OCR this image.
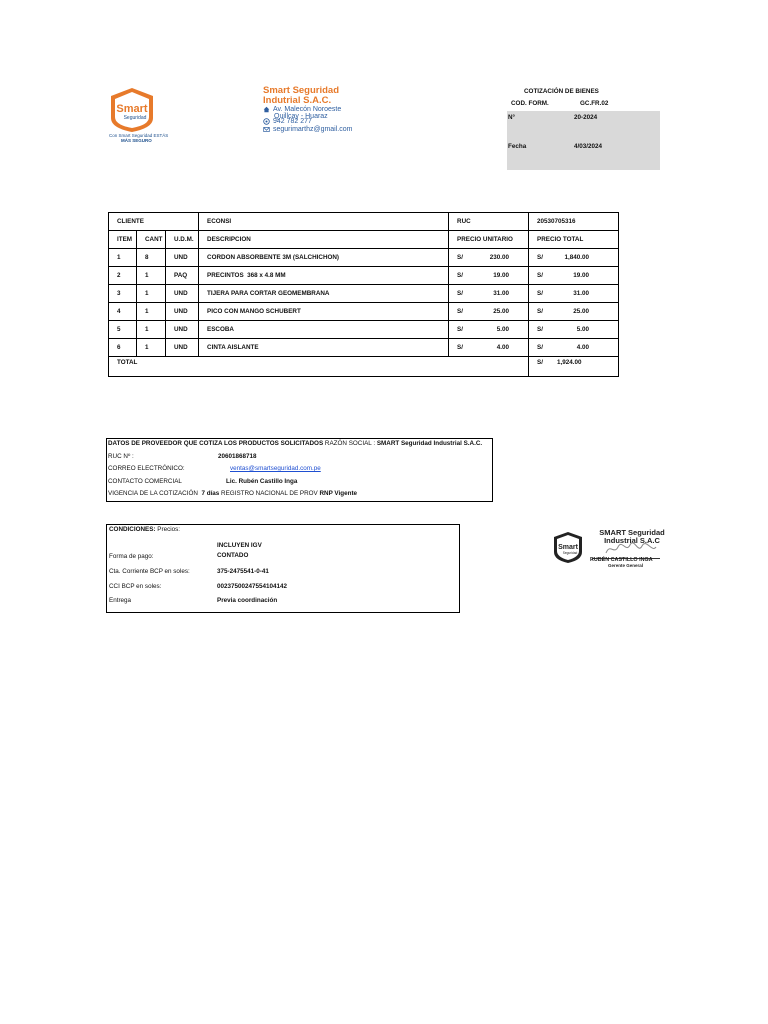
Smart
Seguridad
Con Smart Seguridad ESTÁS
MÁS SEGURO
Smart Seguridad
Indutrial S.A.C.
Av. Malecón Noroeste
Quillcay - Huaraz
942 782 277
segurimarthz@gmail.com
COTIZACIÓN DE BIENES
COD. FORM.	GC.FR.02
N°	20-2024
Fecha	4/03/2024
CLIENTE			ECONSI	RUC	20530705316
ITEM	CANT	U.D.M.	DESCRIPCION	PRECIO UNITARIO	PRECIO TOTAL
1	8	UND	CORDON ABSORBENTE 3M (SALCHICHON)	S/ 230.00	S/ 1,840.00

2	1	PAQ	PRECINTOS  368 x 4.8 MM	S/ 19.00	S/ 19.00

3	1	UND	TIJERA PARA CORTAR GEOMEMBRANA	S/ 31.00	S/ 31.00

4	1	UND	PICO CON MANGO SCHUBERT	S/ 25.00	S/ 25.00

5	1	UND	ESCOBA	S/ 5.00	S/ 5.00

6	1	UND	CINTA AISLANTE	S/ 4.00	S/ 4.00

TOTAL					S/ 1,924.00
DATOS DE PROVEEDOR QUE COTIZA LOS PRODUCTOS SOLICITADOS RAZÓN SOCIAL : SMART Seguridad Industrial S.A.C.
RUC Nº :	20601868718
CORREO ELECTRÓNICO:	ventas@smartseguridad.com.pe
CONTACTO COMERCIAL	Lic. Rubén Castillo Inga
VIGENCIA DE LA COTIZACIÓN 7 días REGISTRO NACIONAL DE PROV RNP Vigente
CONDICIONES: Precios:
INCLUYEN IGV
Forma de pago:	CONTADO
Cta. Corriente BCP en soles:	375-2475541-0-41
CCI BCP en soles:	00237500247554104142
Entrega	Previa coordinación
Smart
Seguridad
SMART Seguridad
Industrial S.A.C
RUBÉN CASTILLO INGA
Gerente General
